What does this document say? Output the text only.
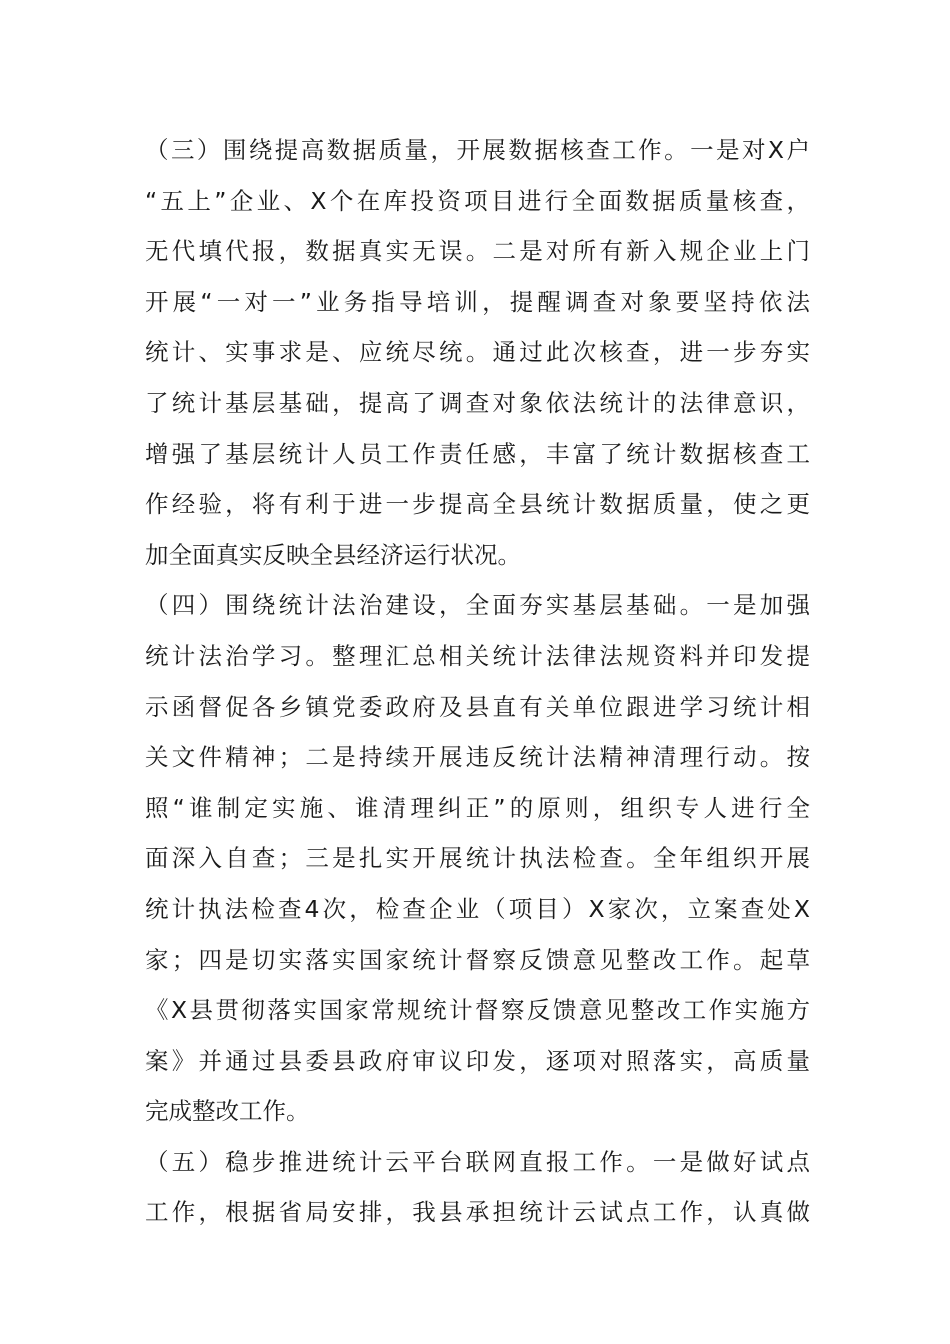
（三）围绕提高数据质量，开展数据核查工作。一是对X户
“五上”企业、X个在库投资项目进行全面数据质量核查，
无代填代报，数据真实无误。二是对所有新入规企业上门
开展“一对一”业务指导培训，提醒调查对象要坚持依法
统计、实事求是、应统尽统。通过此次核查，进一步夯实
了统计基层基础，提高了调查对象依法统计的法律意识，
增强了基层统计人员工作责任感，丰富了统计数据核查工
作经验，将有利于进一步提高全县统计数据质量，使之更
加全面真实反映全县经济运行状况。
（四）围绕统计法治建设，全面夯实基层基础。一是加强
统计法治学习。整理汇总相关统计法律法规资料并印发提
示函督促各乡镇党委政府及县直有关单位跟进学习统计相
关文件精神；二是持续开展违反统计法精神清理行动。按
照“谁制定实施、谁清理纠正”的原则，组织专人进行全
面深入自查；三是扎实开展统计执法检查。全年组织开展
统计执法检查4次，检查企业（项目）X家次，立案查处X
家；四是切实落实国家统计督察反馈意见整改工作。起草
《X县贯彻落实国家常规统计督察反馈意见整改工作实施方
案》并通过县委县政府审议印发，逐项对照落实，高质量
完成整改工作。
（五）稳步推进统计云平台联网直报工作。一是做好试点
工作，根据省局安排，我县承担统计云试点工作，认真做
